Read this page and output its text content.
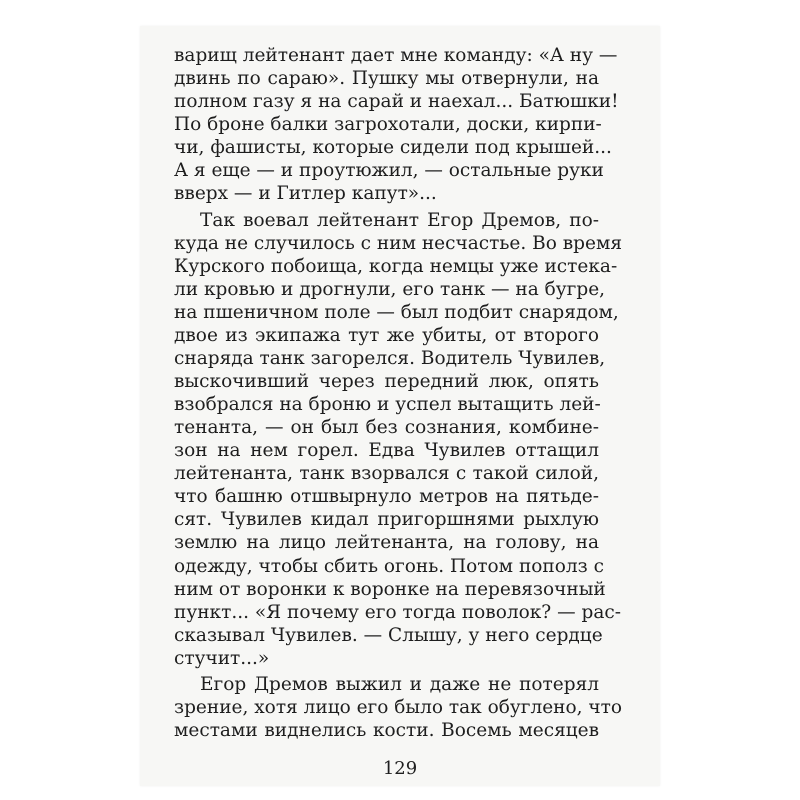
варищ лейтенант дает мне команду: «А ну —
двинь по сараю». Пушку мы отвернули, на
полном газу я на сарай и наехал... Батюшки!
По броне балки загрохотали, доски, кирпи-
чи, фашисты, которые сидели под крышей...
А я еще — и проутюжил, — остальные руки
вверх — и Гитлер капут»...
Так воевал лейтенант Егор Дремов, по-
куда не случилось с ним несчастье. Во время
Курского побоища, когда немцы уже истека-
ли кровью и дрогнули, его танк — на бугре,
на пшеничном поле — был подбит снарядом,
двое из экипажа тут же убиты, от второго
снаряда танк загорелся. Водитель Чувилев,
выскочивший через передний люк, опять
взобрался на броню и успел вытащить лей-
тенанта, — он был без сознания, комбине-
зон на нем горел. Едва Чувилев оттащил
лейтенанта, танк взорвался с такой силой,
что башню отшвырнуло метров на пятьде-
сят. Чувилев кидал пригоршнями рыхлую
землю на лицо лейтенанта, на голову, на
одежду, чтобы сбить огонь. Потом пополз с
ним от воронки к воронке на перевязочный
пункт... «Я почему его тогда поволок? — рас-
сказывал Чувилев. — Слышу, у него сердце
стучит...»
Егор Дремов выжил и даже не потерял
зрение, хотя лицо его было так обуглено, что
местами виднелись кости. Восемь месяцев
129
